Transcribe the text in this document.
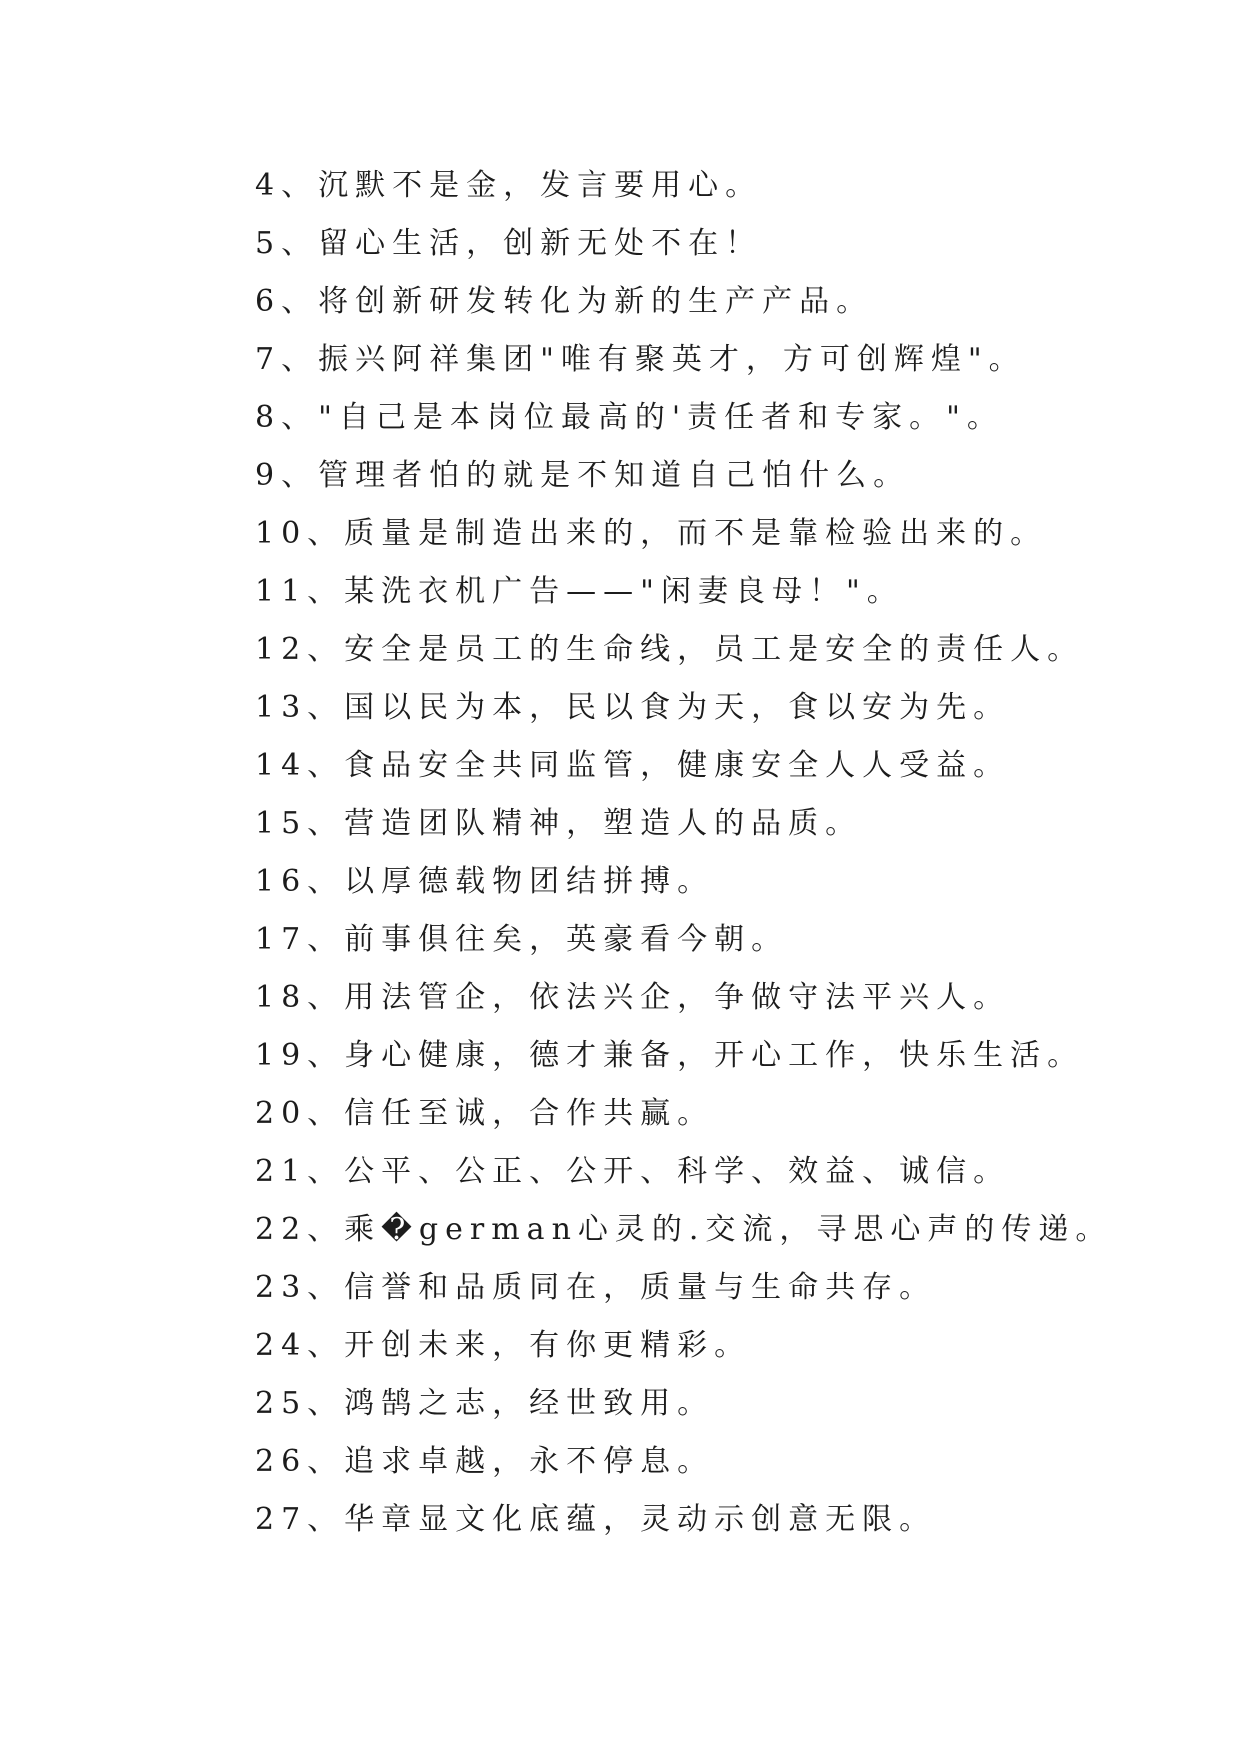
4、沉默不是金，发言要用心。
5、留心生活，创新无处不在！
6、将创新研发转化为新的生产产品。
7、振兴阿祥集团"唯有聚英才，方可创辉煌"。
8、"自己是本岗位最高的'责任者和专家。"。
9、管理者怕的就是不知道自己怕什么。
10、质量是制造出来的，而不是靠检验出来的。
11、某洗衣机广告——"闲妻良母！"。
12、安全是员工的生命线，员工是安全的责任人。
13、国以民为本，民以食为天，食以安为先。
14、食品安全共同监管，健康安全人人受益。
15、营造团队精神，塑造人的品质。
16、以厚德载物团结拼搏。
17、前事俱往矣，英豪看今朝。
18、用法管企，依法兴企，争做守法平兴人。
19、身心健康，德才兼备，开心工作，快乐生活。
20、信任至诚，合作共赢。
21、公平、公正、公开、科学、效益、诚信。
22、乘�german心灵的.交流，寻思心声的传递。
23、信誉和品质同在，质量与生命共存。
24、开创未来，有你更精彩。
25、鸿鹄之志，经世致用。
26、追求卓越，永不停息。
27、华章显文化底蕴，灵动示创意无限。
